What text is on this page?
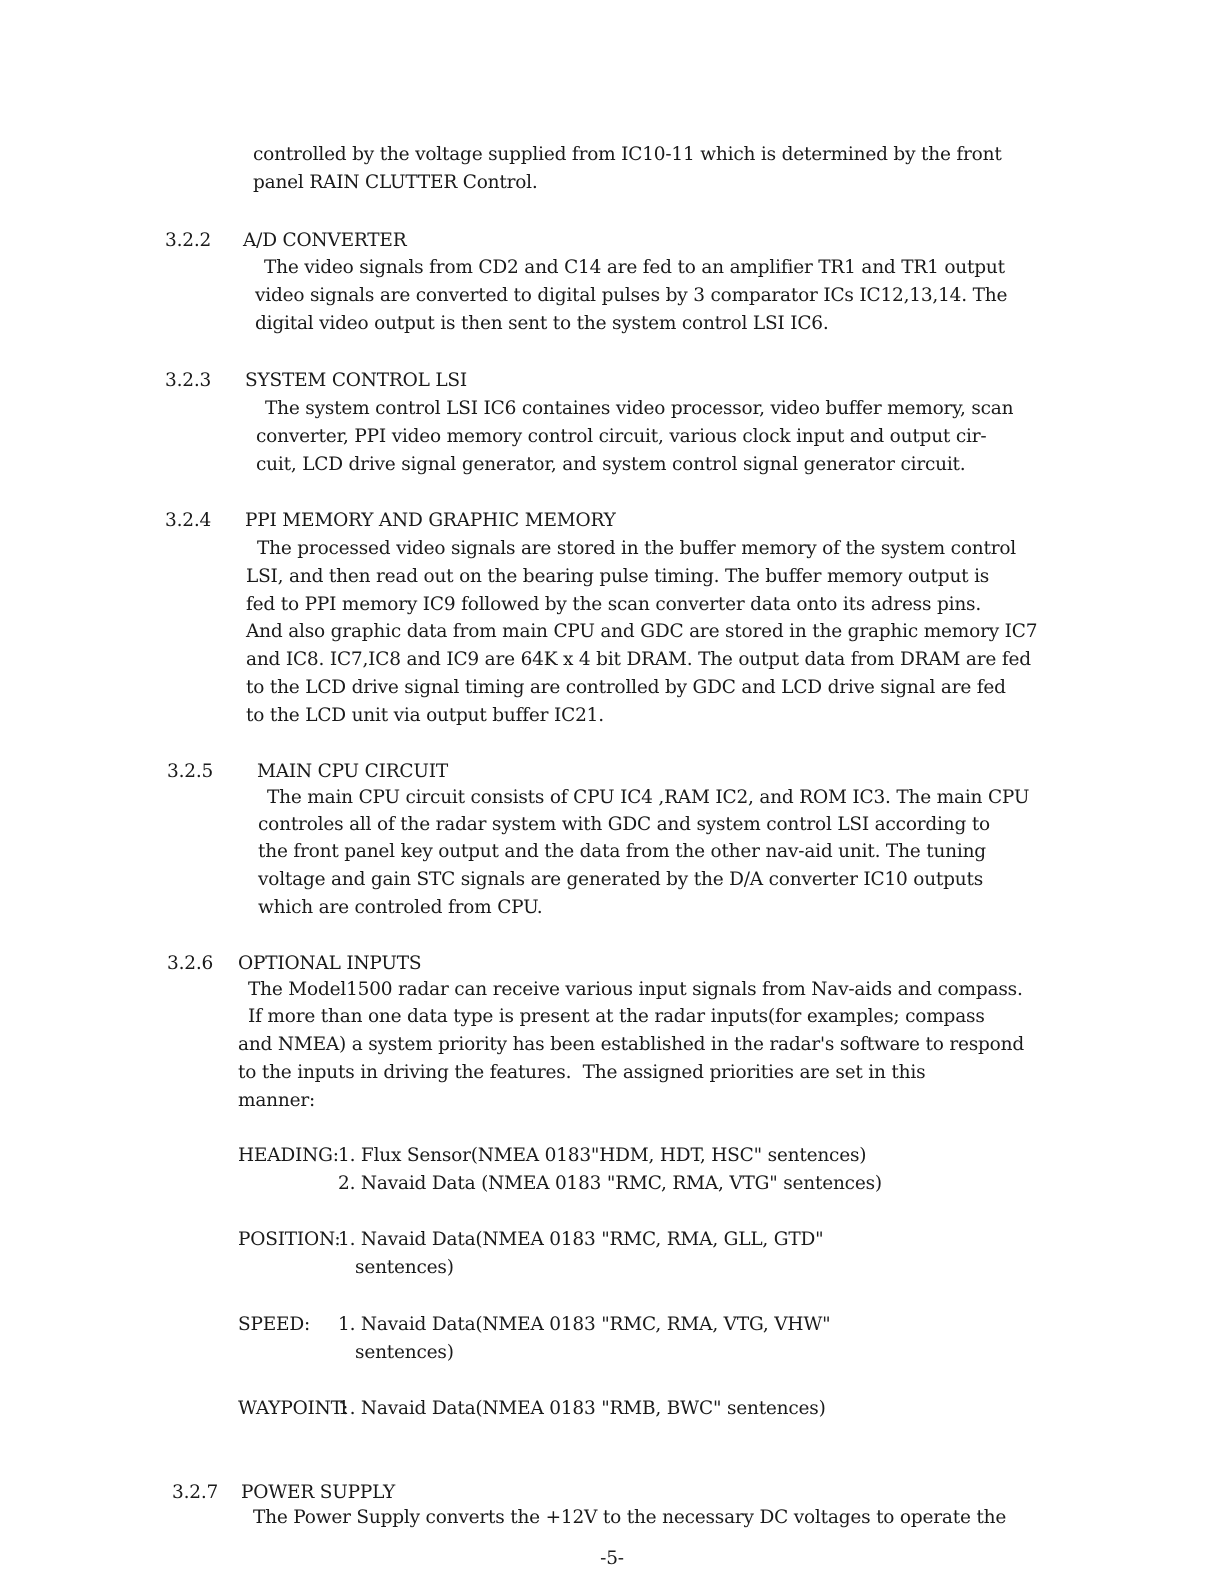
controlled by the voltage supplied from IC10-11 which is determined by the front
panel RAIN CLUTTER Control.
3.2.2 A/D CONVERTER
The video signals from CD2 and C14 are fed to an amplifier TR1 and TR1 output
video signals are converted to digital pulses by 3 comparator ICs IC12,13,14. The
digital video output is then sent to the system control LSI IC6.
3.2.3 SYSTEM CONTROL LSI
The system control LSI IC6 containes video processor, video buffer memory, scan
converter, PPI video memory control circuit, various clock input and output cir-
cuit, LCD drive signal generator, and system control signal generator circuit.
3.2.4 PPI MEMORY AND GRAPHIC MEMORY
The processed video signals are stored in the buffer memory of the system control
LSI, and then read out on the bearing pulse timing. The buffer memory output is
fed to PPI memory IC9 followed by the scan converter data onto its adress pins.
And also graphic data from main CPU and GDC are stored in the graphic memory IC7
and IC8. IC7,IC8 and IC9 are 64K x 4 bit DRAM. The output data from DRAM are fed
to the LCD drive signal timing are controlled by GDC and LCD drive signal are fed
to the LCD unit via output buffer IC21.
3.2.5 MAIN CPU CIRCUIT
The main CPU circuit consists of CPU IC4 ,RAM IC2, and ROM IC3. The main CPU
controles all of the radar system with GDC and system control LSI according to
the front panel key output and the data from the other nav-aid unit. The tuning
voltage and gain STC signals are generated by the D/A converter IC10 outputs
which are controled from CPU.
3.2.6 OPTIONAL INPUTS
The Model1500 radar can receive various input signals from Nav-aids and compass.
If more than one data type is present at the radar inputs(for examples; compass
and NMEA) a system priority has been established in the radar's software to respond
to the inputs in driving the features.  The assigned priorities are set in this
manner:
HEADING: 1. Flux Sensor(NMEA 0183"HDM, HDT, HSC" sentences)
2. Navaid Data (NMEA 0183 "RMC, RMA, VTG" sentences)
POSITION:
1. Navaid Data(NMEA 0183 "RMC, RMA, GLL, GTD"
sentences)
SPEED: 1. Navaid Data(NMEA 0183 "RMC, RMA, VTG, VHW"
sentences)
WAYPOINT:
1. Navaid Data(NMEA 0183 "RMB, BWC" sentences)
3.2.7 POWER SUPPLY
The Power Supply converts the +12V to the necessary DC voltages to operate the
-5-
